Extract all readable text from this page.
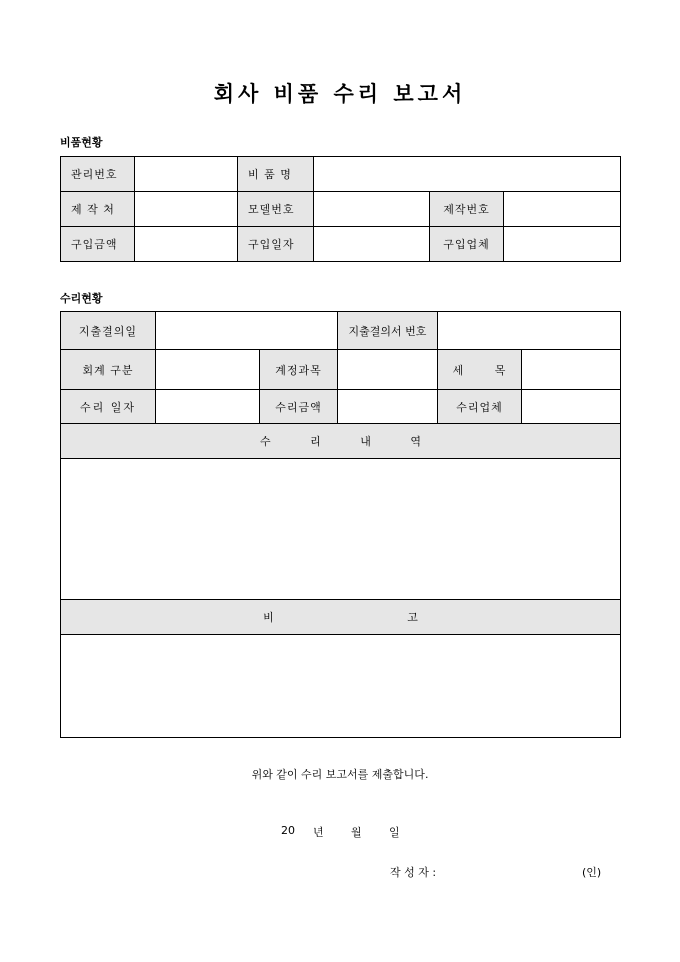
회사 비품 수리 보고서
비품현황
관리번호		비 품 명			
제 작 처		모델번호		제작번호	
구입금액		구입일자		구입업체	
수리현황
지출결의일			지출결의서 번호		
회계 구분		계정과목		세 목	
수리 일자		수리금액		수리업체	
수 리 내 역					

비 고					

위와 같이 수리 보고서를 제출합니다.
20 년 월 일
작 성 자 :	(인)
